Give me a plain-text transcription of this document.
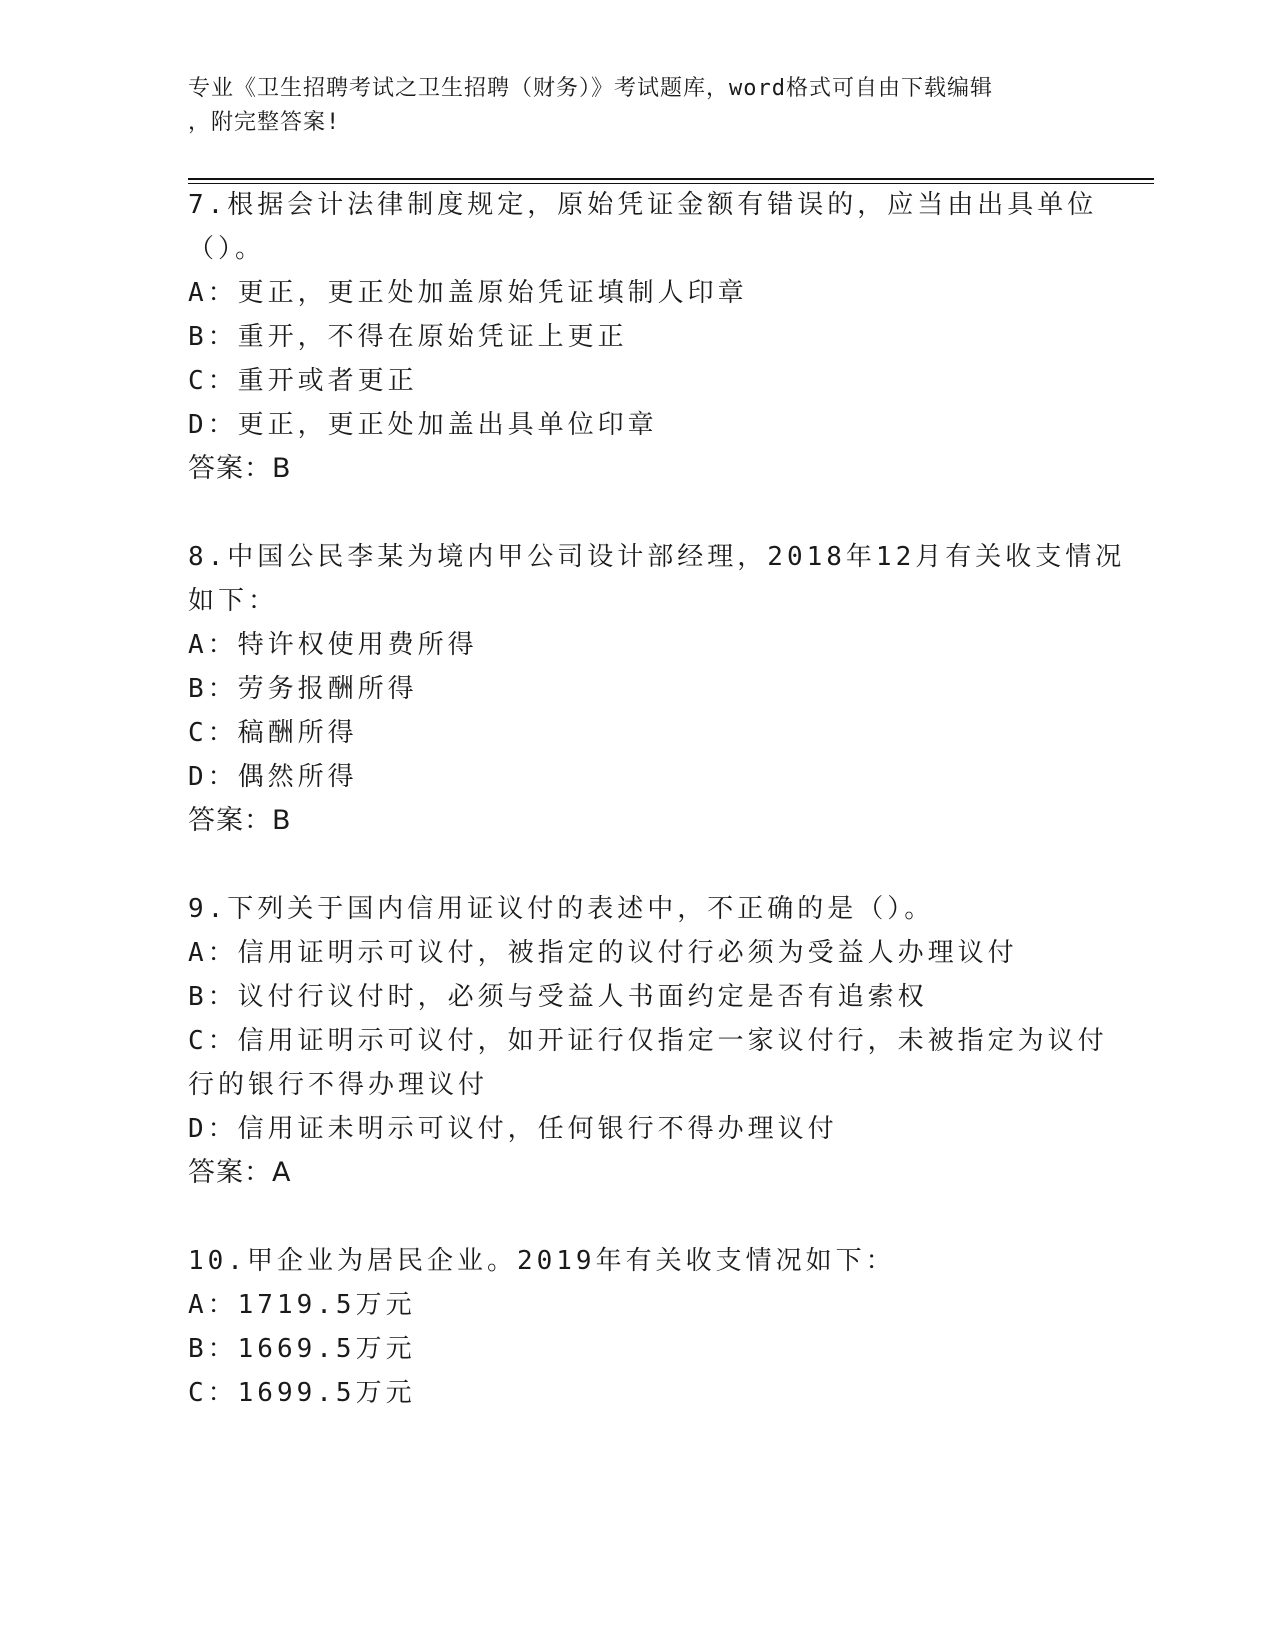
专业《卫生招聘考试之卫生招聘（财务）》考试题库，word格式可自由下载编辑
，附完整答案!
7.根据会计法律制度规定，原始凭证金额有错误的，应当由出具单位
（）。
A：更正，更正处加盖原始凭证填制人印章
B：重开，不得在原始凭证上更正
C：重开或者更正
D：更正，更正处加盖出具单位印章
答案：B
8.中国公民李某为境内甲公司设计部经理，2018年12月有关收支情况
如下：
A：特许权使用费所得
B：劳务报酬所得
C：稿酬所得
D：偶然所得
答案：B
9.下列关于国内信用证议付的表述中，不正确的是（）。
A：信用证明示可议付，被指定的议付行必须为受益人办理议付
B：议付行议付时，必须与受益人书面约定是否有追索权
C：信用证明示可议付，如开证行仅指定一家议付行，未被指定为议付
行的银行不得办理议付
D：信用证未明示可议付，任何银行不得办理议付
答案：A
10.甲企业为居民企业。2019年有关收支情况如下：
A：1719.5万元
B：1669.5万元
C：1699.5万元
